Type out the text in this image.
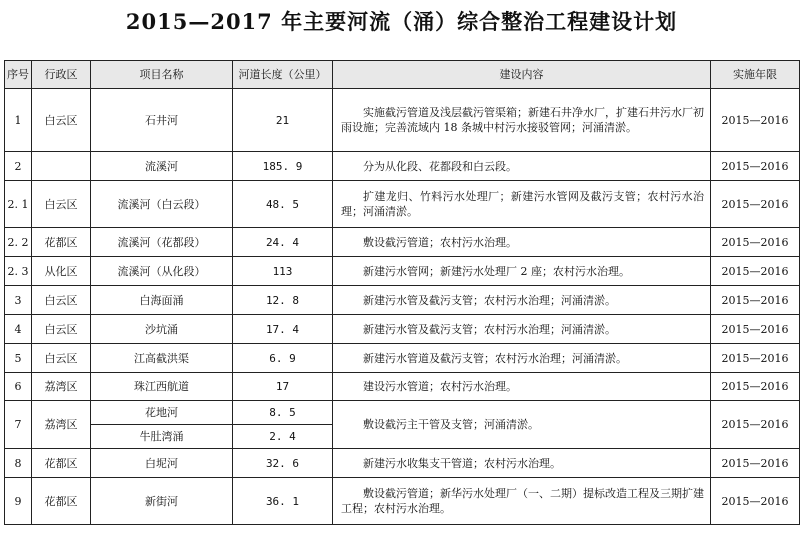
2015—2017 年主要河流（涌）综合整治工程建设计划
序号	行政区	项目名称	河道长度（公里）	建设内容	实施年限
1	白云区	石井河	21	实施截污管道及浅层截污管渠箱；新建石井净水厂，扩建石井污水厂初雨设施；完善流域内 18 条城中村污水接驳管网；河涌清淤。	2015—2016
2		流溪河	185. 9	分为从化段、花都段和白云段。	2015—2016
2. 1	白云区	流溪河（白云段）	48. 5	扩建龙归、竹料污水处理厂；新建污水管网及截污支管；农村污水治理；河涌清淤。	2015—2016
2. 2	花都区	流溪河（花都段）	24. 4	敷设截污管道；农村污水治理。	2015—2016
2. 3	从化区	流溪河（从化段）	113	新建污水管网；新建污水处理厂 2 座；农村污水治理。	2015—2016
3	白云区	白海面涌	12. 8	新建污水管及截污支管；农村污水治理；河涌清淤。	2015—2016
4	白云区	沙坑涌	17. 4	新建污水管及截污支管；农村污水治理；河涌清淤。	2015—2016
5	白云区	江高截洪渠	6. 9	新建污水管道及截污支管；农村污水治理；河涌清淤。	2015—2016
6	荔湾区	珠江西航道	17	建设污水管道；农村污水治理。	2015—2016
7	荔湾区	花地河	8. 5	敷设截污主干管及支管；河涌清淤。	2015—2016
		牛肚湾涌	2. 4		
8	花都区	白坭河	32. 6	新建污水收集支干管道；农村污水治理。	2015—2016
9	花都区	新街河	36. 1	敷设截污管道；新华污水处理厂（一、二期）提标改造工程及三期扩建工程；农村污水治理。	2015—2016
